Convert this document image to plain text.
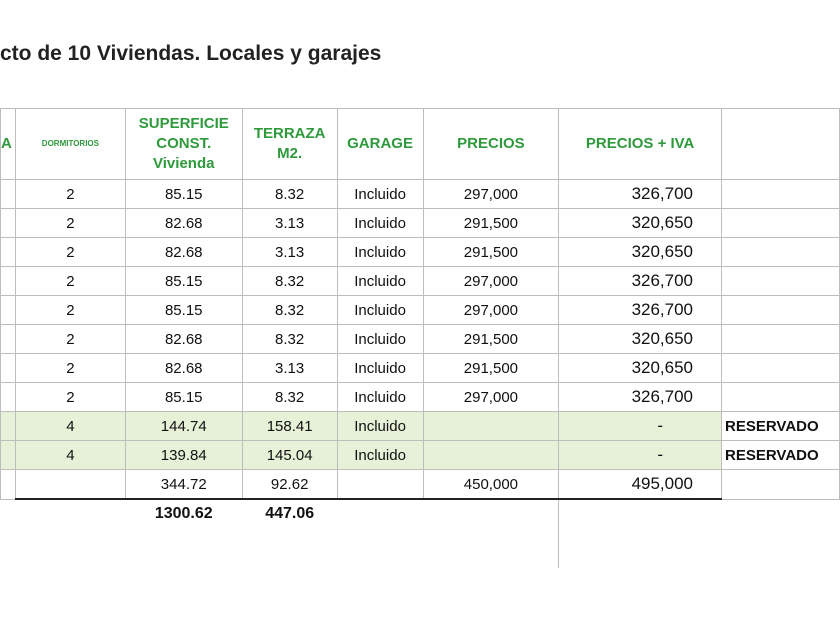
cto de 10 Viviendas. Locales y garajes
A	DORMITORIOS	SUPERFICIE CONST. Vivienda	TERRAZA M2.	GARAGE	PRECIOS	PRECIOS + IVA	
	2	85.15	8.32	Incluido	297,000	326,700	
	2	82.68	3.13	Incluido	291,500	320,650	
	2	82.68	3.13	Incluido	291,500	320,650	
	2	85.15	8.32	Incluido	297,000	326,700	
	2	85.15	8.32	Incluido	297,000	326,700	
	2	82.68	8.32	Incluido	291,500	320,650	
	2	82.68	3.13	Incluido	291,500	320,650	
	2	85.15	8.32	Incluido	297,000	326,700	
	4	144.74	158.41	Incluido		-	RESERVADO
	4	139.84	145.04	Incluido		-	RESERVADO
		344.72	92.62		450,000	495,000	
		1300.62	447.06				
